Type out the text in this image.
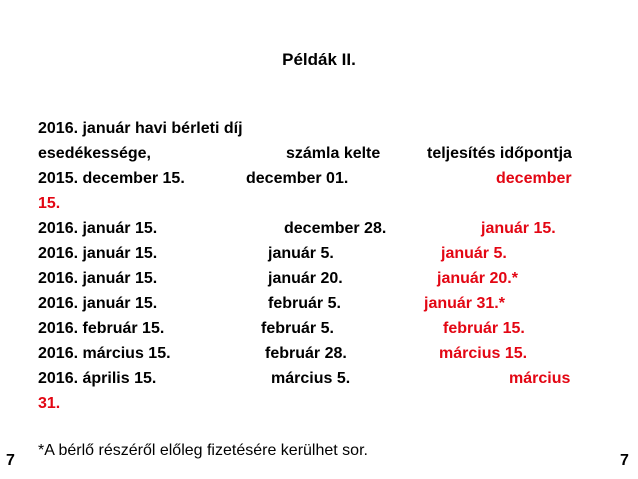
Példák II.
2016. január havi bérleti díj
esedékessége,	számla kelte	teljesítés időpontja
2015. december 15.	december 01.	december
15.
2016. január 15.	december 28.	január 15.
2016. január 15.	január 5.	január 5.
2016. január 15.	január 20.	január 20.*
2016. január 15.	február 5.	január 31.*
2016. február 15.	február 5.	február 15.
2016. március 15.	február 28.	március 15.
2016. április 15.	március 5.	március
31.
*A bérlő részéről előleg fizetésére kerülhet sor.
7	7
